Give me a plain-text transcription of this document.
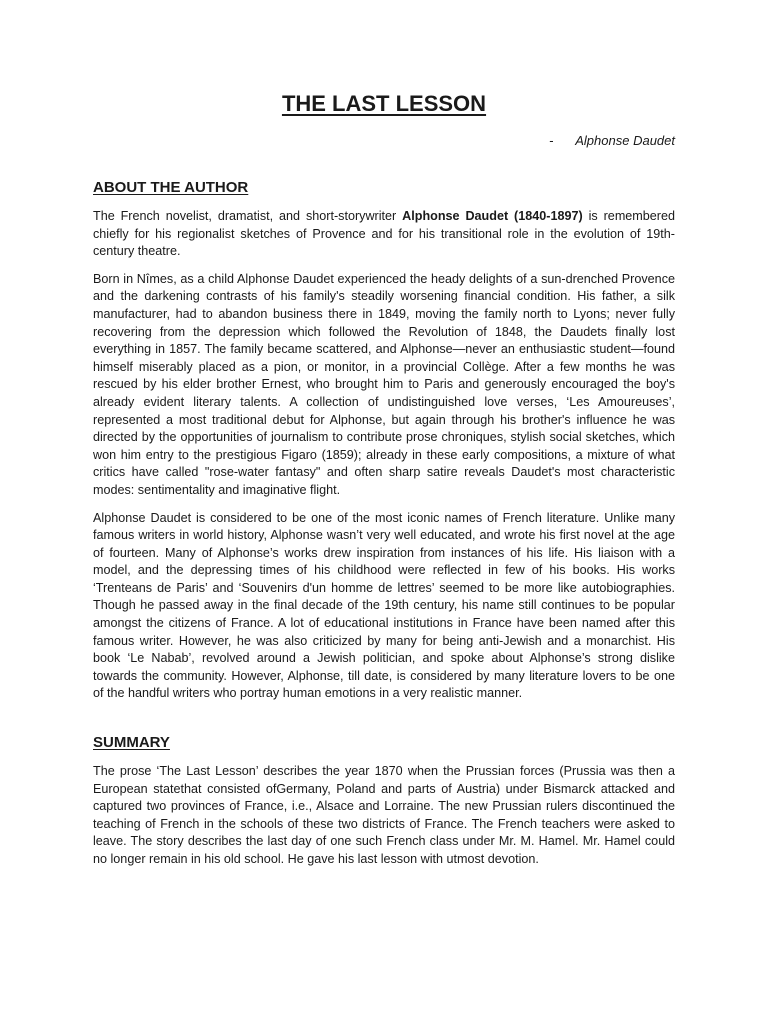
THE LAST LESSON
- Alphonse Daudet
ABOUT THE AUTHOR

The French novelist, dramatist, and short-storywriter Alphonse Daudet (1840-1897) is remembered chiefly for his regionalist sketches of Provence and for his transitional role in the evolution of 19th-century theatre.

Born in Nîmes, as a child Alphonse Daudet experienced the heady delights of a sun-drenched Provence and the darkening contrasts of his family's steadily worsening financial condition. His father, a silk manufacturer, had to abandon business there in 1849, moving the family north to Lyons; never fully recovering from the depression which followed the Revolution of 1848, the Daudets finally lost everything in 1857. The family became scattered, and Alphonse—never an enthusiastic student—found himself miserably placed as a pion, or monitor, in a provincial Collège. After a few months he was rescued by his elder brother Ernest, who brought him to Paris and generously encouraged the boy's already evident literary talents. A collection of undistinguished love verses, ‘Les Amoureuses’, represented a most traditional debut for Alphonse, but again through his brother's influence he was directed by the opportunities of journalism to contribute prose chroniques, stylish social sketches, which won him entry to the prestigious Figaro (1859); already in these early compositions, a mixture of what critics have called "rose-water fantasy" and often sharp satire reveals Daudet's most characteristic modes: sentimentality and imaginative flight.

Alphonse Daudet is considered to be one of the most iconic names of French literature. Unlike many famous writers in world history, Alphonse wasn’t very well educated, and wrote his first novel at the age of fourteen. Many of Alphonse’s works drew inspiration from instances of his life. His liaison with a model, and the depressing times of his childhood were reflected in few of his books. His works ‘Trenteans de Paris’ and ‘Souvenirs d'un homme de lettres’ seemed to be more like autobiographies. Though he passed away in the final decade of the 19th century, his name still continues to be popular amongst the citizens of France. A lot of educational institutions in France have been named after this famous writer. However, he was also criticized by many for being anti-Jewish and a monarchist. His book ‘Le Nabab’, revolved around a Jewish politician, and spoke about Alphonse’s strong dislike towards the community. However, Alphonse, till date, is considered by many literature lovers to be one of the handful writers who portray human emotions in a very realistic manner.

SUMMARY

The prose ‘The Last Lesson’ describes the year 1870 when the Prussian forces (Prussia was then a European statethat consisted ofGermany, Poland and parts of Austria) under Bismarck attacked and captured two provinces of France, i.e., Alsace and Lorraine. The new Prussian rulers discontinued the teaching of French in the schools of these two districts of France. The French teachers were asked to leave. The story describes the last day of one such French class under Mr. M. Hamel. Mr. Hamel could no longer remain in his old school. He gave his last lesson with utmost devotion.
